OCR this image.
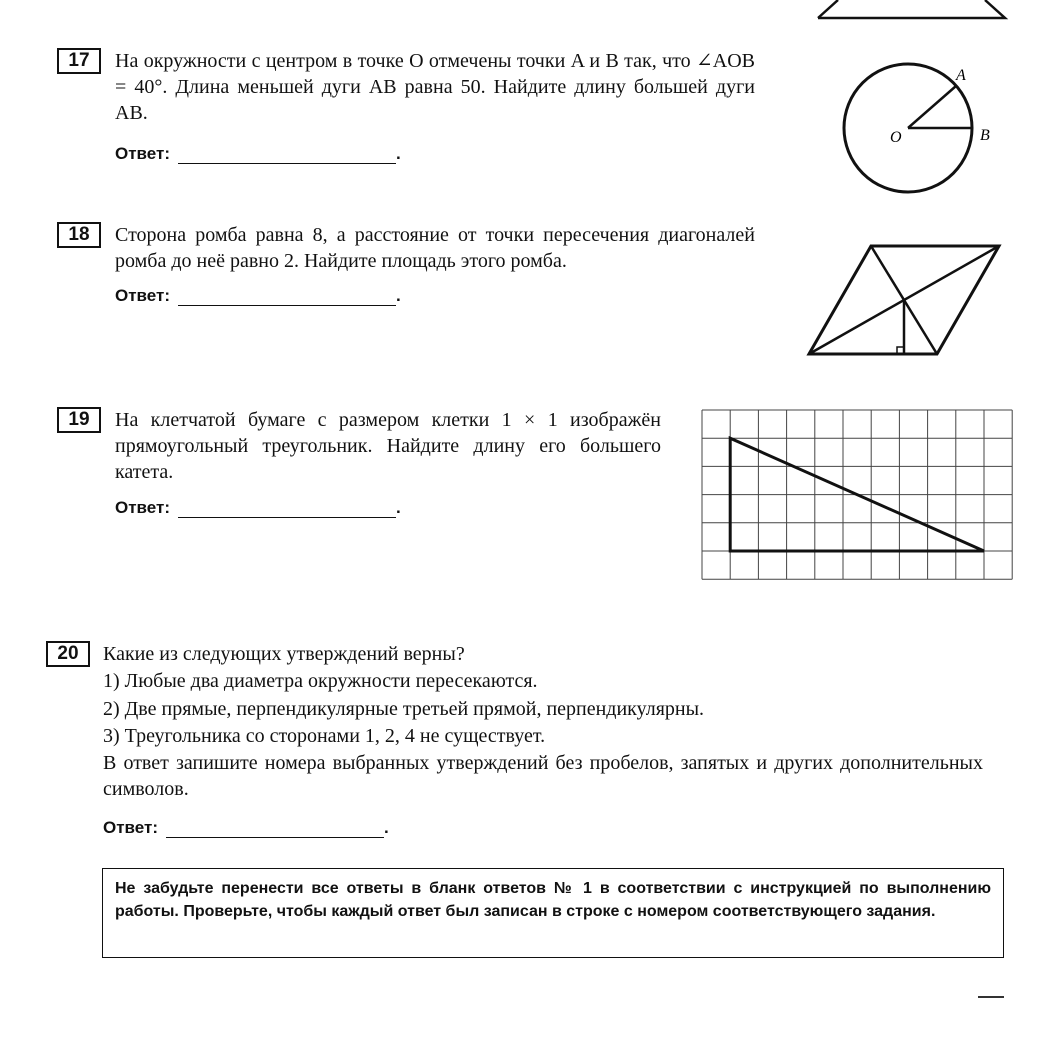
17	На окружности с центром в точке O отмечены точки A и B так, что ∠AOB = 40°. Длина меньшей дуги AB равна 50. Найдите длину большей дуги AB.
Ответ:	.
O
A
B
18	Сторона ромба равна 8, а расстояние от точки пересечения диагоналей ромба до неё равно 2. Найдите площадь этого ромба.
Ответ:	.
19	На клетчатой бумаге с размером клетки 1 × 1 изображён прямоугольный треугольник. Найдите длину его большего катета.
Ответ:	.
20	Какие из следующих утверждений верны?
1) Любые два диаметра окружности пересекаются.
2) Две прямые, перпендикулярные третьей прямой, перпендикулярны.
3) Треугольника со сторонами 1, 2, 4 не существует.
В ответ запишите номера выбранных утверждений без пробелов, запятых и других дополнительных символов.
Ответ:	.
Не забудьте перенести все ответы в бланк ответов № 1 в соответствии с инструкцией по выполнению работы. Проверьте, чтобы каждый ответ был записан в строке с номером соответствующего задания.
